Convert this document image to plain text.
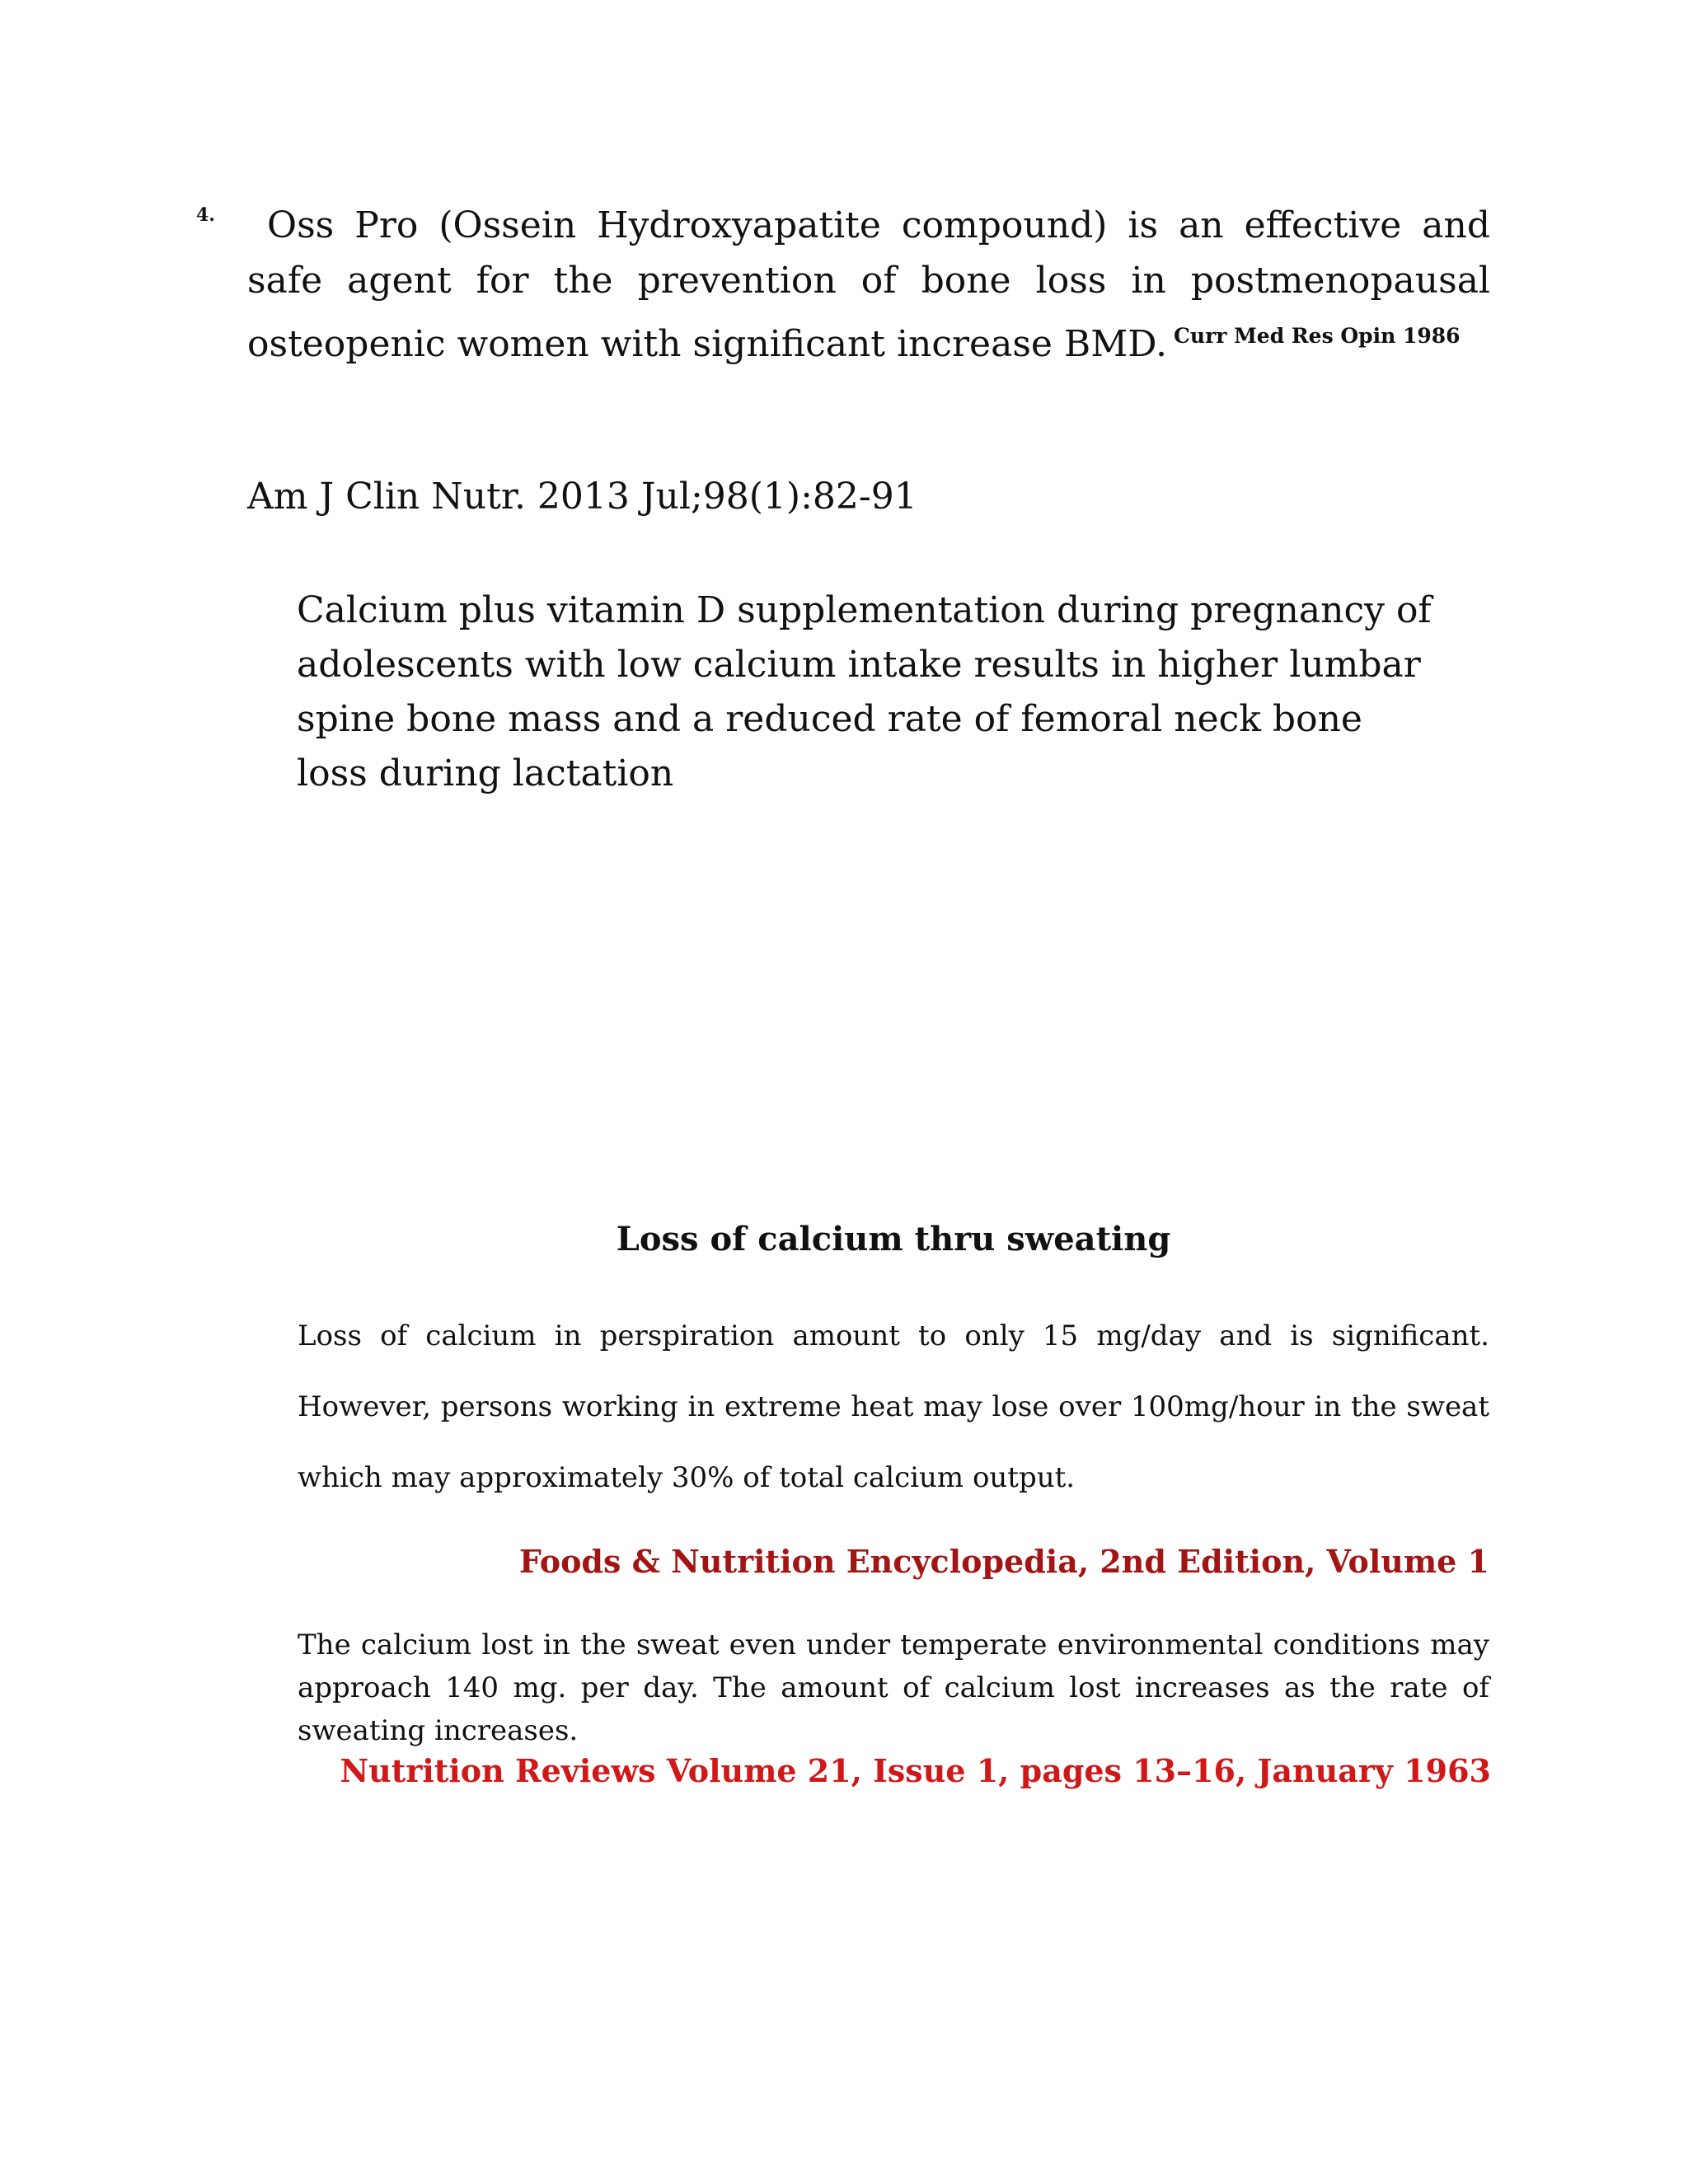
4.	Oss Pro (Ossein Hydroxyapatite compound) is an effective and safe agent for the prevention of bone loss in postmenopausal osteopenic women with significant increase BMD. $^{Curr Med Res Opin 1986}$
Am J Clin Nutr. 2013 Jul;98(1):82-91
Calcium plus vitamin D supplementation during pregnancy of adolescents with low calcium intake results in higher lumbar spine bone mass and a reduced rate of femoral neck bone loss during lactation
Loss of calcium thru sweating
Loss of calcium in perspiration amount to only 15 mg/day and is significant. However, persons working in extreme heat may lose over 100mg/hour in the sweat which may approximately 30% of total calcium output.
Foods & Nutrition Encyclopedia, 2nd Edition, Volume 1
The calcium lost in the sweat even under temperate environmental conditions may approach 140 mg. per day. The amount of calcium lost increases as the rate of sweating increases.
Nutrition Reviews Volume 21, Issue 1, pages 13–16, January 1963
